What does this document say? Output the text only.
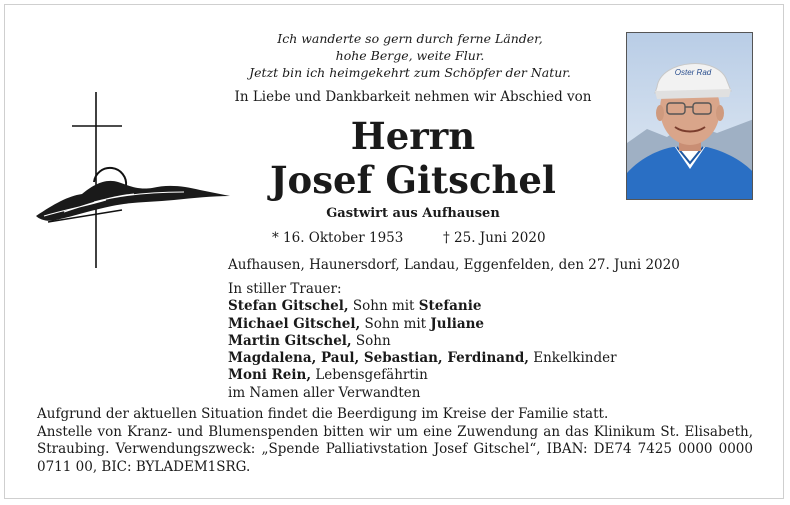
Ich wanderte so gern durch ferne Länder,
hohe Berge, weite Flur.
Jetzt bin ich heimgekehrt zum Schöpfer der Natur.
In Liebe und Dankbarkeit nehmen wir Abschied von
Herrn
Josef Gitschel
Gastwirt aus Aufhausen
* 16. Oktober 1953	† 25. Juni 2020
Aufhausen, Haunersdorf, Landau, Eggenfelden, den 27. Juni 2020
In stiller Trauer:
Stefan Gitschel, Sohn mit Stefanie
Michael Gitschel, Sohn mit Juliane
Martin Gitschel, Sohn
Magdalena, Paul, Sebastian, Ferdinand, Enkelkinder
Moni Rein, Lebensgefährtin
im Namen aller Verwandten
Aufgrund der aktuellen Situation findet die Beerdigung im Kreise der Familie statt.
Anstelle von Kranz- und Blumenspenden bitten wir um eine Zuwendung an das Klinikum St. Elisabeth, Straubing. Verwendungszweck: „Spende Palliativstation Josef Gitschel“, IBAN: DE74 7425 0000 0000 0711 00, BIC: BYLADEM1SRG.
Oster Rad
